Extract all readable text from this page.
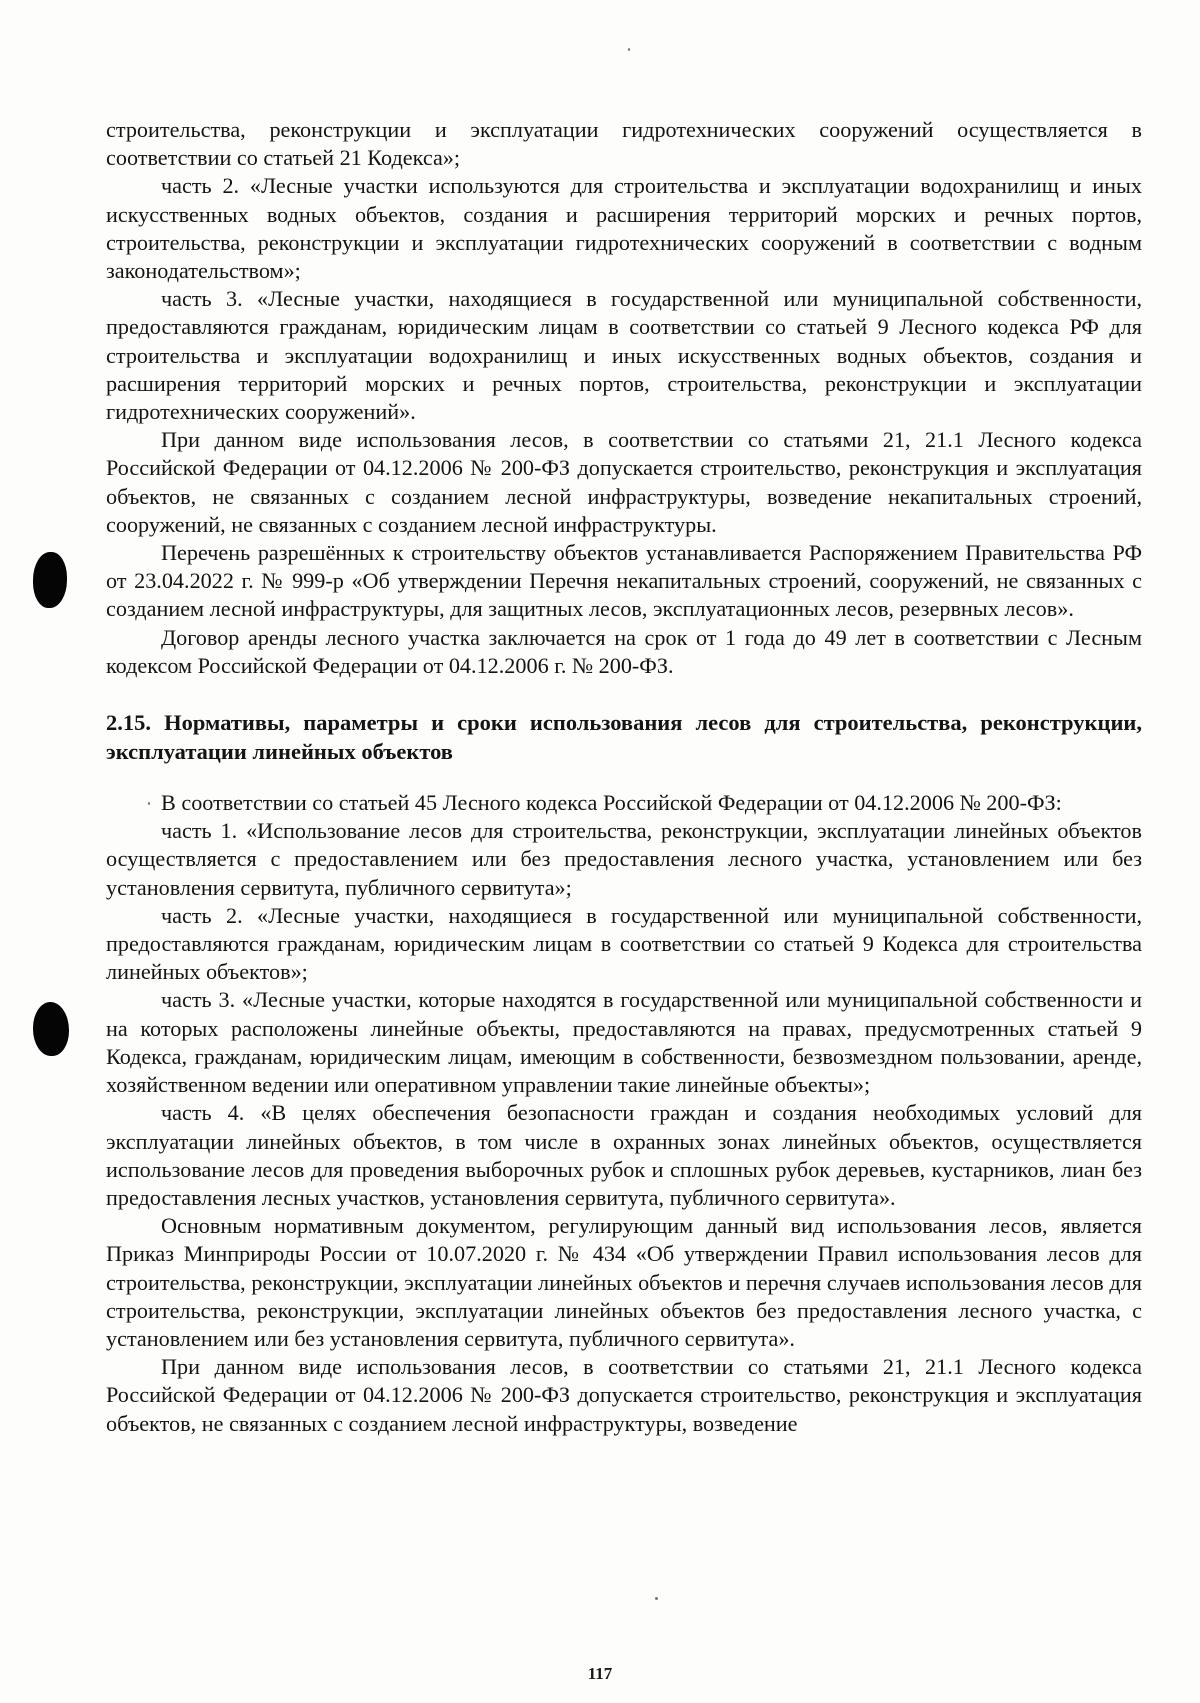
строительства, реконструкции и эксплуатации гидротехнических сооружений осуществляется в соответствии со статьей 21 Кодекса»;

часть 2. «Лесные участки используются для строительства и эксплуатации водохранилищ и иных искусственных водных объектов, создания и расширения территорий морских и речных портов, строительства, реконструкции и эксплуатации гидротехнических сооружений в соответствии с водным законодательством»;

часть 3. «Лесные участки, находящиеся в государственной или муниципальной собственности, предоставляются гражданам, юридическим лицам в соответствии со статьей 9 Лесного кодекса РФ для строительства и эксплуатации водохранилищ и иных искусственных водных объектов, создания и расширения территорий морских и речных портов, строительства, реконструкции и эксплуатации гидротехнических сооружений».

При данном виде использования лесов, в соответствии со статьями 21, 21.1 Лесного кодекса Российской Федерации от 04.12.2006 № 200-ФЗ допускается строительство, реконструкция и эксплуатация объектов, не связанных с созданием лесной инфраструктуры, возведение некапитальных строений, сооружений, не связанных с созданием лесной инфраструктуры.

Перечень разрешённых к строительству объектов устанавливается Распоряжением Правительства РФ от 23.04.2022 г. № 999-р «Об утверждении Перечня некапитальных строений, сооружений, не связанных с созданием лесной инфраструктуры, для защитных лесов, эксплуатационных лесов, резервных лесов».

Договор аренды лесного участка заключается на срок от 1 года до 49 лет в соответствии с Лесным кодексом Российской Федерации от 04.12.2006 г. № 200-ФЗ.

2.15. Нормативы, параметры и сроки использования лесов для строительства, реконструкции, эксплуатации линейных объектов

В соответствии со статьей 45 Лесного кодекса Российской Федерации от 04.12.2006 № 200-ФЗ:

часть 1. «Использование лесов для строительства, реконструкции, эксплуатации линейных объектов осуществляется с предоставлением или без предоставления лесного участка, установлением или без установления сервитута, публичного сервитута»;

часть 2. «Лесные участки, находящиеся в государственной или муниципальной собственности, предоставляются гражданам, юридическим лицам в соответствии со статьей 9 Кодекса для строительства линейных объектов»;

часть 3. «Лесные участки, которые находятся в государственной или муниципальной собственности и на которых расположены линейные объекты, предоставляются на правах, предусмотренных статьей 9 Кодекса, гражданам, юридическим лицам, имеющим в собственности, безвозмездном пользовании, аренде, хозяйственном ведении или оперативном управлении такие линейные объекты»;

часть 4. «В целях обеспечения безопасности граждан и создания необходимых условий для эксплуатации линейных объектов, в том числе в охранных зонах линейных объектов, осуществляется использование лесов для проведения выборочных рубок и сплошных рубок деревьев, кустарников, лиан без предоставления лесных участков, установления сервитута, публичного сервитута».

Основным нормативным документом, регулирующим данный вид использования лесов, является Приказ Минприроды России от 10.07.2020 г. № 434 «Об утверждении Правил использования лесов для строительства, реконструкции, эксплуатации линейных объектов и перечня случаев использования лесов для строительства, реконструкции, эксплуатации линейных объектов без предоставления лесного участка, с установлением или без установления сервитута, публичного сервитута».

При данном виде использования лесов, в соответствии со статьями 21, 21.1 Лесного кодекса Российской Федерации от 04.12.2006 № 200-ФЗ допускается строительство, реконструкция и эксплуатация объектов, не связанных с созданием лесной инфраструктуры, возведение

117
